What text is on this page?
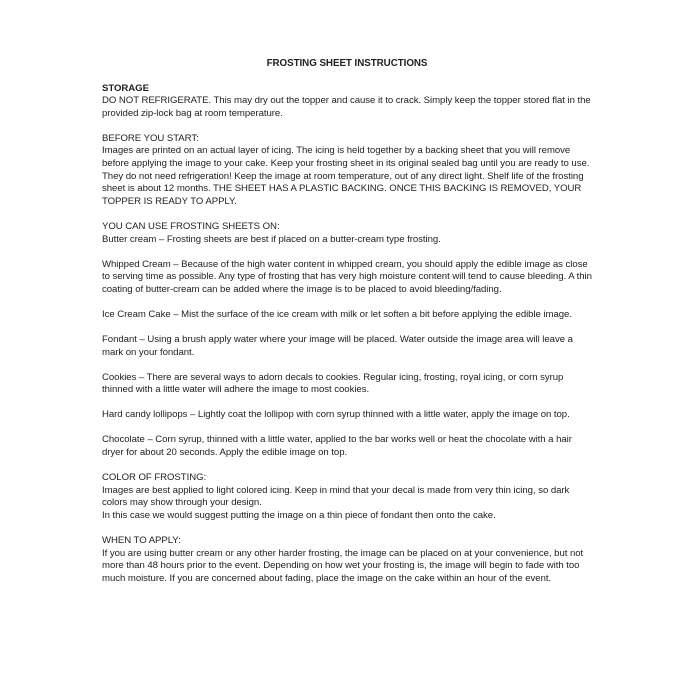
FROSTING SHEET INSTRUCTIONS
STORAGE
DO NOT REFRIGERATE. This may dry out the topper and cause it to crack. Simply keep the topper stored flat in the provided zip-lock bag at room temperature.
BEFORE YOU START:
Images are printed on an actual layer of icing. The icing is held together by a backing sheet that you will remove before applying the image to your cake. Keep your frosting sheet in its original sealed bag until you are ready to use. They do not need refrigeration! Keep the image at room temperature, out of any direct light. Shelf life of the frosting sheet is about 12 months. THE SHEET HAS A PLASTIC BACKING. ONCE THIS BACKING IS REMOVED, YOUR TOPPER IS READY TO APPLY.
YOU CAN USE FROSTING SHEETS ON:
Butter cream – Frosting sheets are best if placed on a butter-cream type frosting.
Whipped Cream – Because of the high water content in whipped cream, you should apply the edible image as close to serving time as possible. Any type of frosting that has very high moisture content will tend to cause bleeding. A thin coating of butter-cream can be added where the image is to be placed to avoid bleeding/fading.
Ice Cream Cake – Mist the surface of the ice cream with milk or let soften a bit before applying the edible image.
Fondant – Using a brush apply water where your image will be placed. Water outside the image area will leave a mark on your fondant.
Cookies – There are several ways to adorn decals to cookies. Regular icing, frosting, royal icing, or corn syrup thinned with a little water will adhere the image to most cookies.
Hard candy lollipops – Lightly coat the lollipop with corn syrup thinned with a little water, apply the image on top.
Chocolate – Corn syrup, thinned with a little water, applied to the bar works well or heat the chocolate with a hair dryer for about 20 seconds. Apply the edible image on top.
COLOR OF FROSTING:
Images are best applied to light colored icing. Keep in mind that your decal is made from very thin icing, so dark colors may show through your design.
In this case we would suggest putting the image on a thin piece of fondant then onto the cake.
WHEN TO APPLY:
If you are using butter cream or any other harder frosting, the image can be placed on at your convenience, but not more than 48 hours prior to the event. Depending on how wet your frosting is, the image will begin to fade with too much moisture. If you are concerned about fading, place the image on the cake within an hour of the event.
